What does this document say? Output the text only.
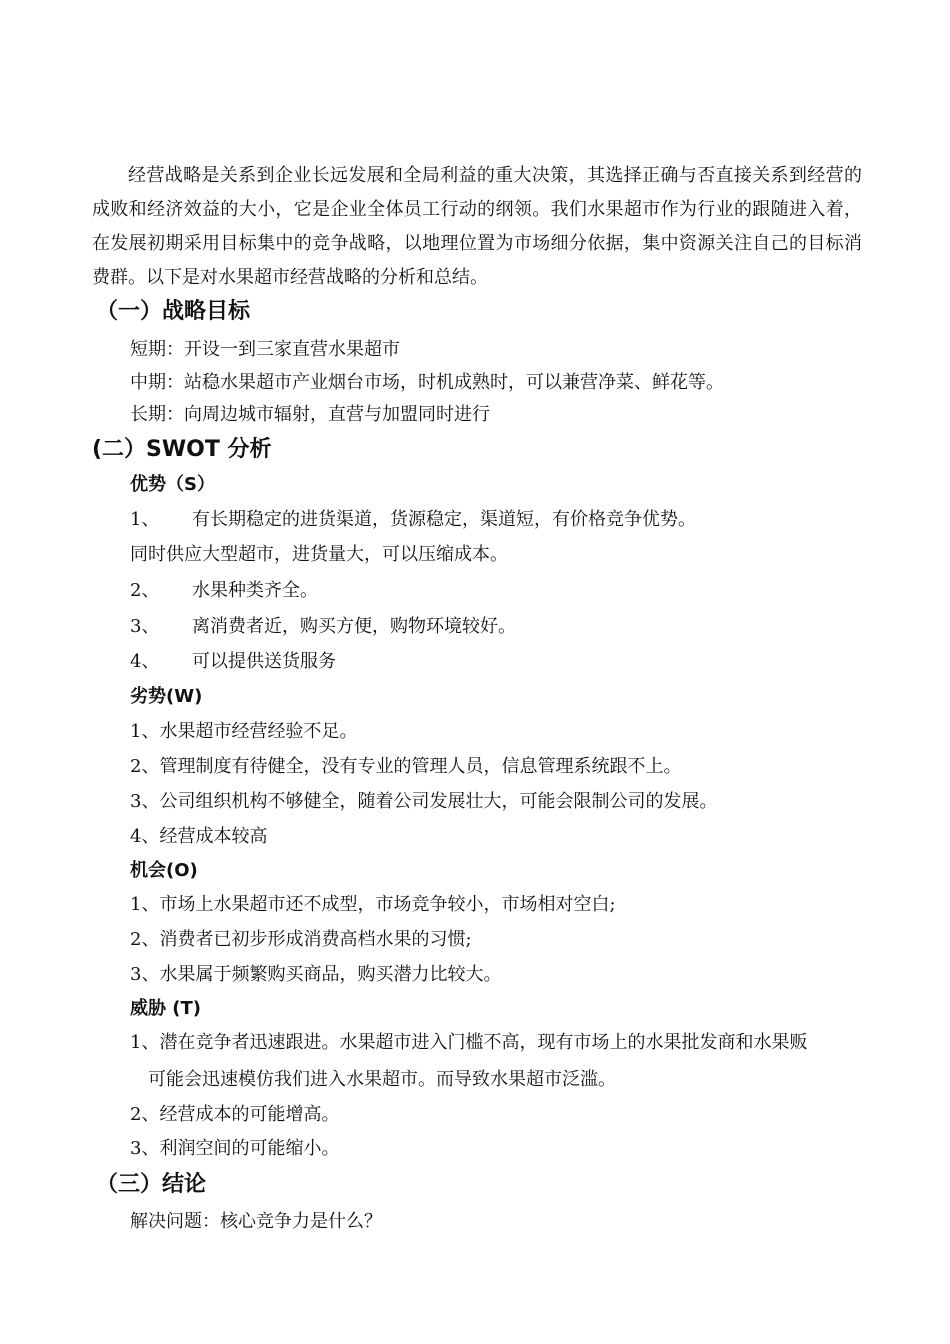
经营战略是关系到企业长远发展和全局利益的重大决策，其选择正确与否直接关系到经营的成败和经济效益的大小，它是企业全体员工行动的纲领。我们水果超市作为行业的跟随进入着，在发展初期采用目标集中的竞争战略，以地理位置为市场细分依据，集中资源关注自己的目标消费群。以下是对水果超市经营战略的分析和总结。
（一）战略目标
短期：开设一到三家直营水果超市
中期：站稳水果超市产业烟台市场，时机成熟时，可以兼营净菜、鲜花等。
长期：向周边城市辐射，直营与加盟同时进行
(二）SWOT 分析
优势（S）
1、 有长期稳定的进货渠道，货源稳定，渠道短，有价格竞争优势。
同时供应大型超市，进货量大，可以压缩成本。
2、 水果种类齐全。
3、 离消费者近，购买方便，购物环境较好。
4、 可以提供送货服务
劣势(W)
1、水果超市经营经验不足。
2、管理制度有待健全，没有专业的管理人员，信息管理系统跟不上。
3、公司组织机构不够健全，随着公司发展壮大，可能会限制公司的发展。
4、经营成本较高
机会(O)
1、市场上水果超市还不成型，市场竞争较小，市场相对空白;
2、消费者已初步形成消费高档水果的习惯;
3、水果属于频繁购买商品，购买潜力比较大。
威胁 (T)
1、潜在竞争者迅速跟进。水果超市进入门槛不高，现有市场上的水果批发商和水果贩
可能会迅速模仿我们进入水果超市。而导致水果超市泛滥。
2、经营成本的可能增高。
3、利润空间的可能缩小。
（三）结论
解决问题：核心竞争力是什么？
